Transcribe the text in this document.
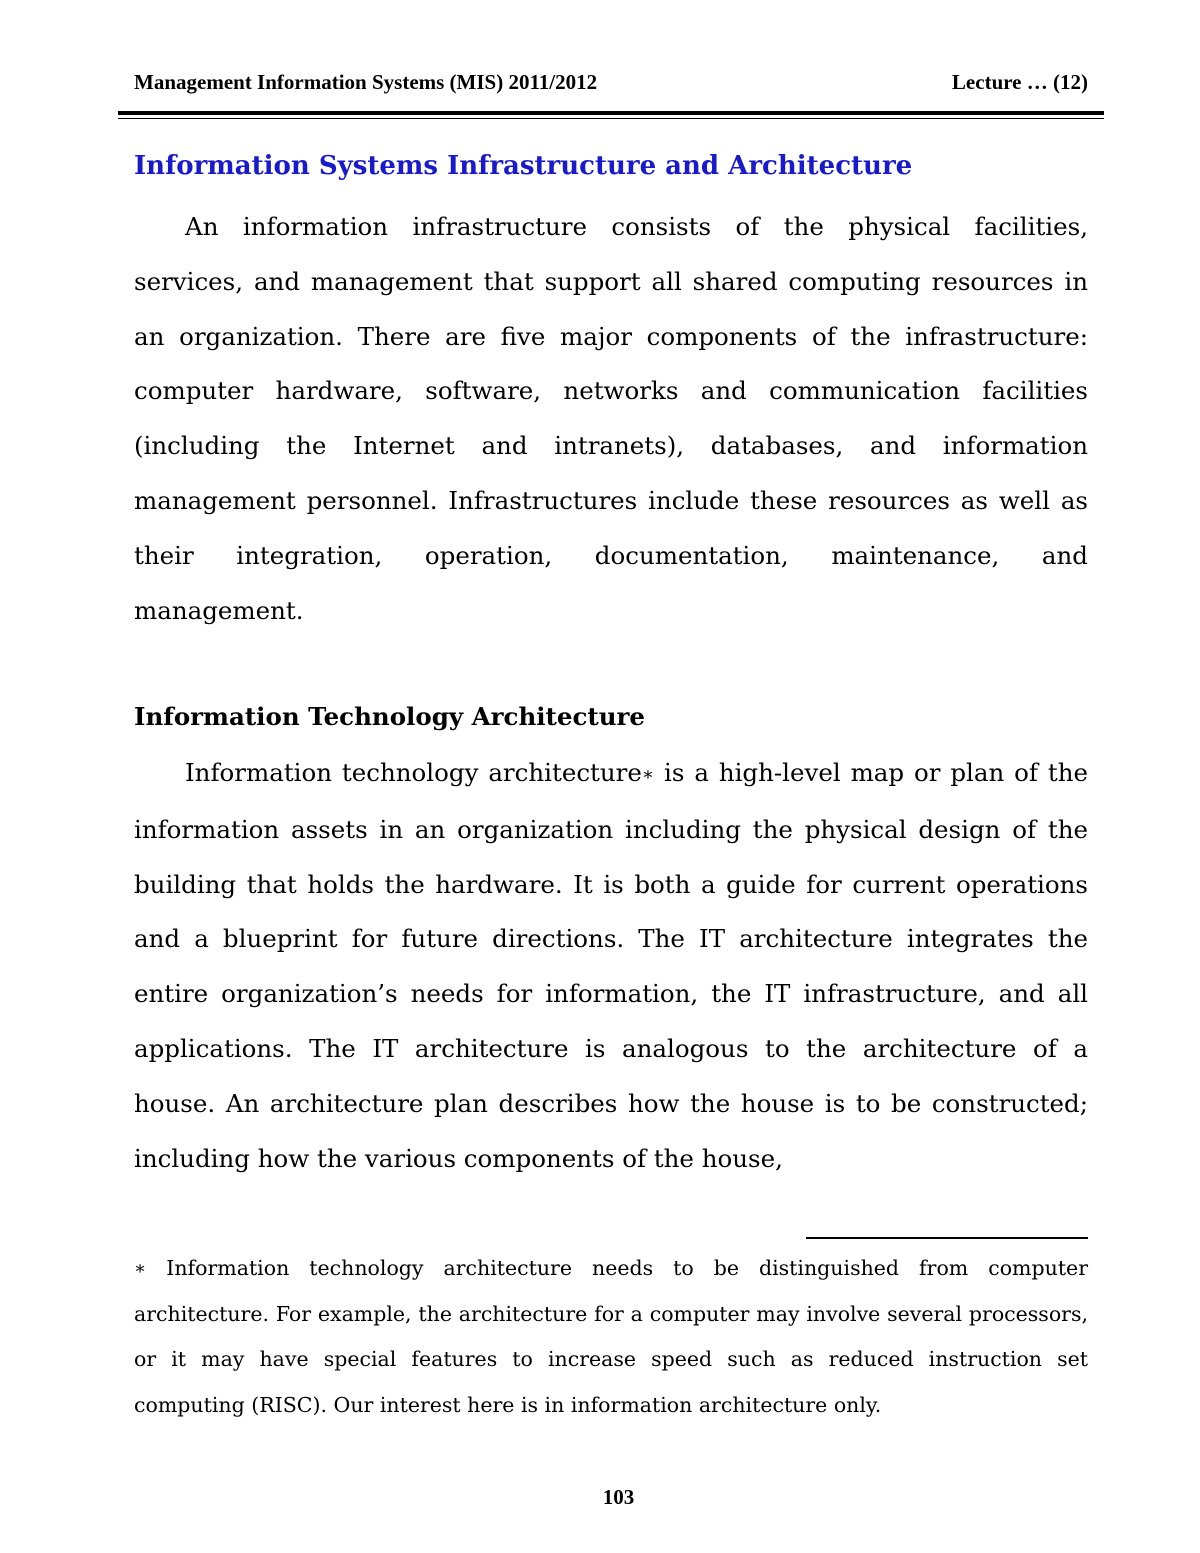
Management Information Systems (MIS) 2011/2012	Lecture … (12)
Information Systems Infrastructure and Architecture

An information infrastructure consists of the physical facilities, services, and management that support all shared computing resources in an organization. There are five major components of the infrastructure: computer hardware, software, networks and communication facilities (including the Internet and intranets), databases, and information management personnel. Infrastructures include these resources as well as their integration, operation, documentation, maintenance, and management.

Information Technology Architecture

Information technology architecture∗ is a high-level map or plan of the information assets in an organization including the physical design of the building that holds the hardware. It is both a guide for current operations and a blueprint for future directions. The IT architecture integrates the entire organization’s needs for information, the IT infrastructure, and all applications. The IT architecture is analogous to the architecture of a house. An architecture plan describes how the house is to be constructed; including how the various components of the house,

∗ Information technology architecture needs to be distinguished from computer architecture. For example, the architecture for a computer may involve several processors, or it may have special features to increase speed such as reduced instruction set computing (RISC). Our interest here is in information architecture only.

103
